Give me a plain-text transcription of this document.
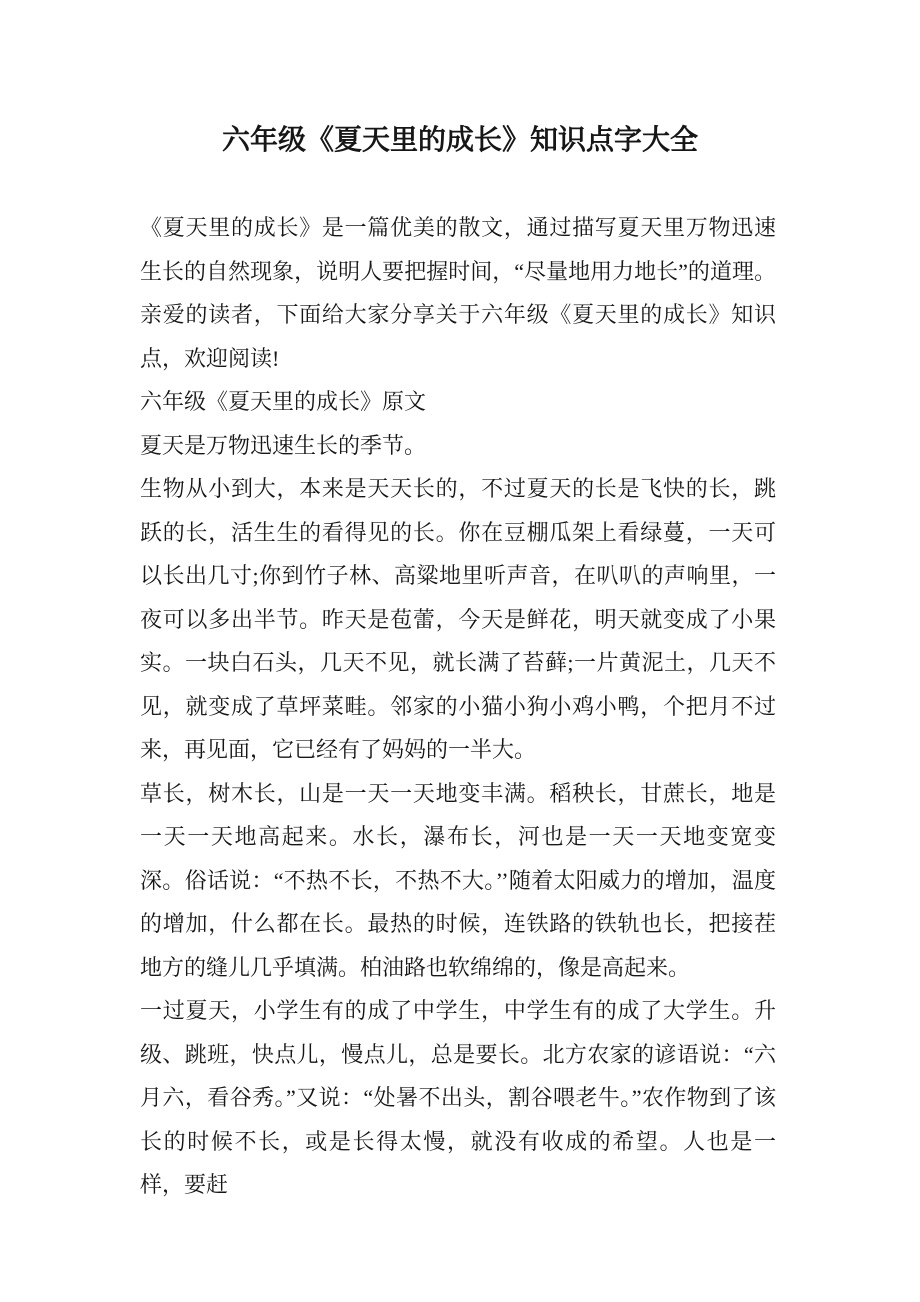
六年级《夏天里的成长》知识点字大全

《夏天里的成长》是一篇优美的散文，通过描写夏天里万物迅速生长的自然现象，说明人要把握时间，“尽量地用力地长”的道理。亲爱的读者，下面给大家分享关于六年级《夏天里的成长》知识点，欢迎阅读!

六年级《夏天里的成长》原文

夏天是万物迅速生长的季节。

生物从小到大，本来是天天长的，不过夏天的长是飞快的长，跳跃的长，活生生的看得见的长。你在豆棚瓜架上看绿蔓，一天可以长出几寸;你到竹子林、高粱地里听声音，在叭叭的声响里，一夜可以多出半节。昨天是苞蕾，今天是鲜花，明天就变成了小果实。一块白石头，几天不见，就长满了苔藓;一片黄泥土，几天不见，就变成了草坪菜畦。邻家的小猫小狗小鸡小鸭，个把月不过来，再见面，它已经有了妈妈的一半大。

草长，树木长，山是一天一天地变丰满。稻秧长，甘蔗长，地是一天一天地高起来。水长，瀑布长，河也是一天一天地变宽变深。俗话说：“不热不长，不热不大。’’随着太阳威力的增加，温度的增加，什么都在长。最热的时候，连铁路的铁轨也长，把接茬地方的缝儿几乎填满。柏油路也软绵绵的，像是高起来。

一过夏天，小学生有的成了中学生，中学生有的成了大学生。升级、跳班，快点儿，慢点儿，总是要长。北方农家的谚语说：“六月六，看谷秀。”又说：“处暑不出头，割谷喂老牛。”农作物到了该长的时候不长，或是长得太慢，就没有收成的希望。人也是一样，要赶
